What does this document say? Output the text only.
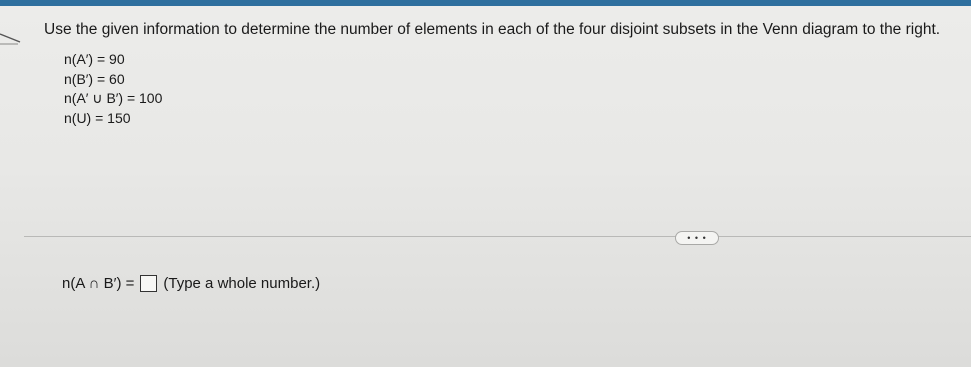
Use the given information to determine the number of elements in each of the four disjoint subsets in the Venn diagram to the right.
n(A′) = 90
n(B′) = 60
n(A′ ∪ B′) = 100
n(U) = 150
• • •
n(A ∩ B′) = (Type a whole number.)
